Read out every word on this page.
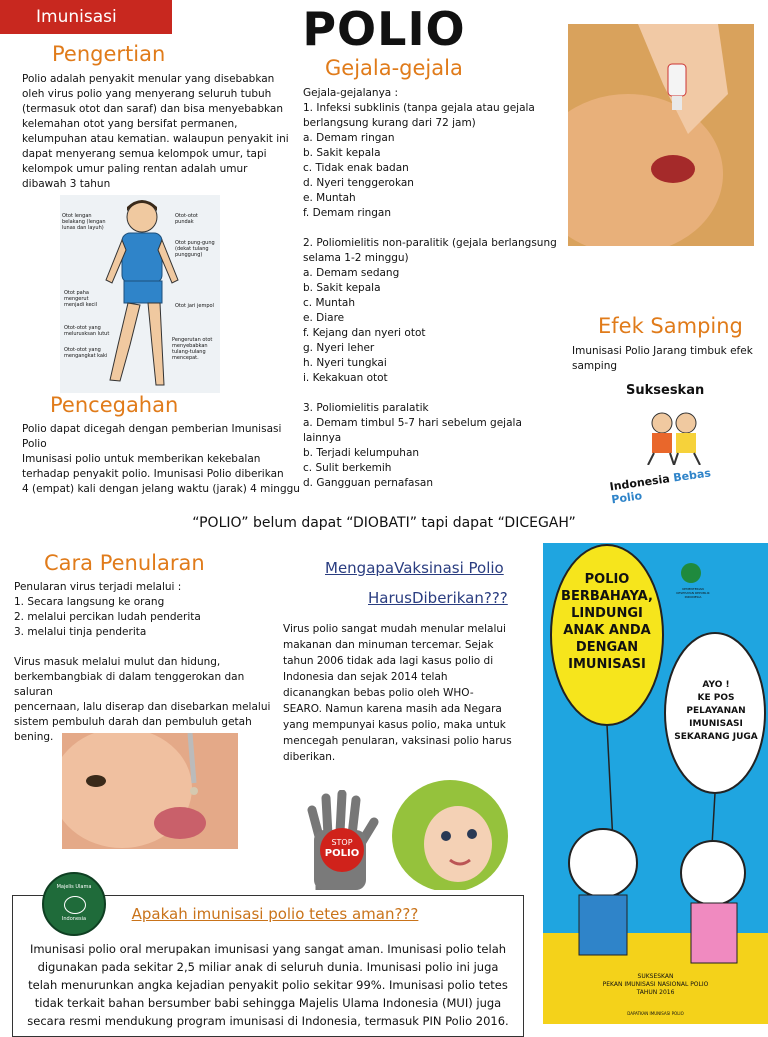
Imunisasi	POLIO
Pengertian
Polio adalah penyakit menular yang disebabkan
oleh virus polio yang menyerang seluruh tubuh
(termasuk otot dan saraf) dan bisa menyebabkan
kelemahan otot yang bersifat permanen,
kelumpuhan atau kematian. walaupun penyakit ini
dapat menyerang semua kelompok umur, tapi
kelompok umur paling rentan adalah umur
dibawah 3 tahun
Otot lengan belakang (lengan lunas dan layuh)
Otot-otot pundak
Otot pung-gung (dekat tulang punggung)
Otot paha mengerut menjadi kecil	Otot jari jempol
Otot-otot yang melurusksan lutut
Otot-otot yang mengangkat kaki
Pengerutan otot menyebabkan tulang-tulang mencepat.
Pencegahan
Polio dapat dicegah dengan pemberian Imunisasi
Polio
Imunisasi polio untuk memberikan kekebalan
terhadap penyakit polio. Imunisasi Polio diberikan
4 (empat) kali dengan jelang waktu (jarak) 4 minggu
Gejala-gejala
Gejala-gejalanya :
1. Infeksi subklinis (tanpa gejala atau gejala
berlangsung kurang dari 72 jam)
a. Demam ringan
b. Sakit kepala
c. Tidak enak badan
d. Nyeri tenggerokan
e. Muntah
f. Demam ringan
2. Poliomielitis non-paralitik (gejala berlangsung
selama 1-2 minggu)
a. Demam sedang
b. Sakit kepala
c. Muntah
e. Diare
f. Kejang dan nyeri otot
g. Nyeri leher
h. Nyeri tungkai
i. Kekakuan otot
3. Poliomielitis paralatik
a. Demam timbul 5-7 hari sebelum gejala lainnya
b. Terjadi kelumpuhan
c. Sulit berkemih
d. Gangguan pernafasan
Efek Samping
Imunisasi Polio Jarang timbuk efek
samping
Sukseskan
Indonesia Bebas Polio
“POLIO” belum dapat “DIOBATI” tapi dapat “DICEGAH”
Cara Penularan
Penularan virus terjadi melalui :
1. Secara langsung ke orang
2. melalui percikan ludah penderita
3. melalui tinja penderita
Virus masuk melalui mulut dan hidung,
berkembangbiak di dalam tenggerokan dan saluran
pencernaan, lalu diserap dan disebarkan melalui
sistem pembuluh darah dan pembuluh getah
bening.
MengapaVaksinasi Polio
HarusDiberikan???
Virus polio sangat mudah menular melalui
makanan dan minuman tercemar. Sejak
tahun 2006 tidak ada lagi kasus polio di
Indonesia dan sejak 2014 telah
dicanangkan bebas polio oleh WHO-
SEARO. Namun karena masih ada Negara
yang mempunyai kasus polio, maka untuk
mencegah penularan, vaksinasi polio harus
diberikan.
STOP
POLIO
Majelis Ulama
Indonesia	Apakah imunisasi polio tetes aman???
Imunisasi polio oral merupakan imunisasi yang sangat aman. Imunisasi polio telah
digunakan pada sekitar 2,5 miliar anak di seluruh dunia. Imunisasi polio ini juga
telah menurunkan angka kejadian penyakit polio sekitar 99%. Imunisasi polio tetes
tidak terkait bahan bersumber babi sehingga Majelis Ulama Indonesia (MUI) juga
secara resmi mendukung program imunisasi di Indonesia, termasuk PIN Polio 2016.
POLIO
BERBAHAYA,
LINDUNGI
ANAK ANDA
DENGAN
IMUNISASI
AYO !
KE POS PELAYANAN
IMUNISASI
SEKARANG JUGA
KEMENTERIAN KESEHATAN REPUBLIK INDONESIA
SUKSESKAN
PEKAN IMUNISASI NASIONAL POLIO
TAHUN 2016
DAPATKAN IMUNISASI POLIO
